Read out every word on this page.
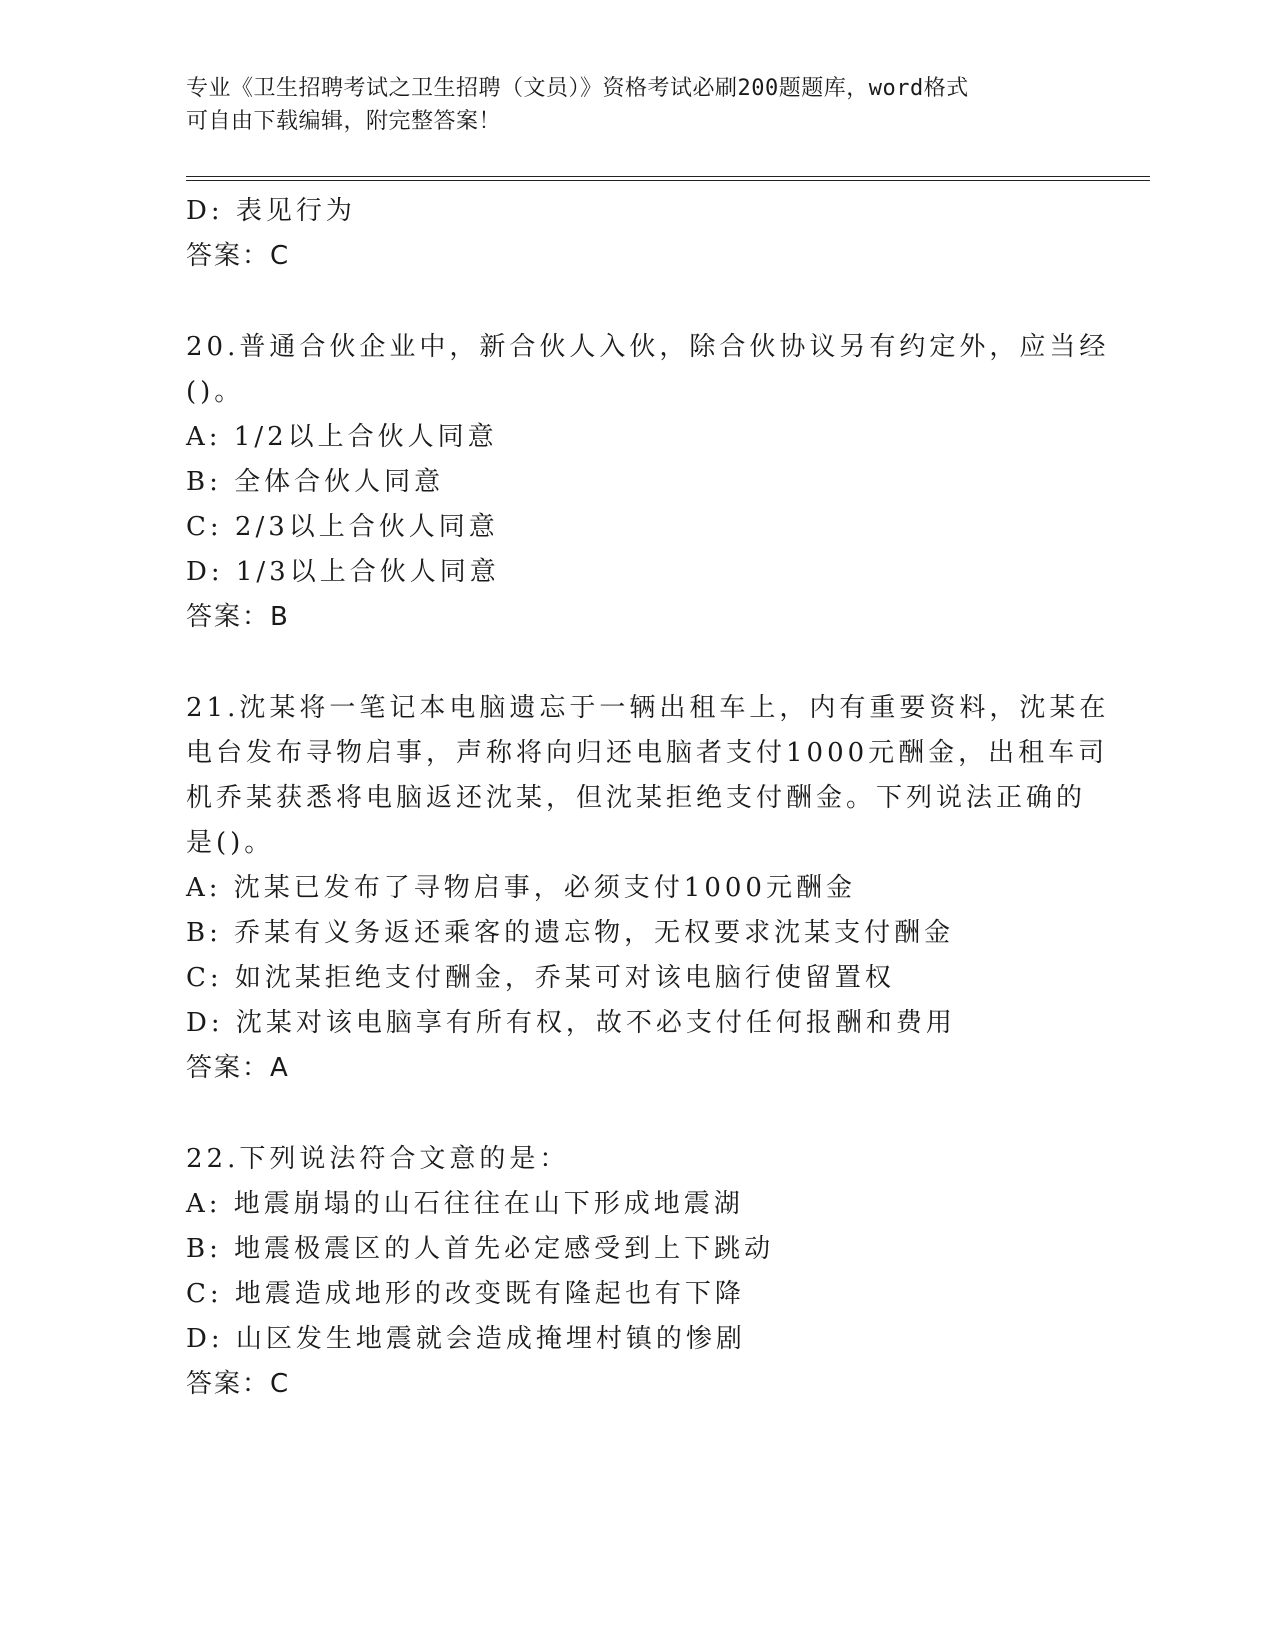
专业《卫生招聘考试之卫生招聘（文员）》资格考试必刷200题题库，word格式
可自由下载编辑，附完整答案！
D: 表见行为
答案：C
20.普通合伙企业中，新合伙人入伙，除合伙协议另有约定外，应当经
()。
A: 1/2以上合伙人同意
B: 全体合伙人同意
C: 2/3以上合伙人同意
D: 1/3以上合伙人同意
答案：B
21.沈某将一笔记本电脑遗忘于一辆出租车上，内有重要资料，沈某在
电台发布寻物启事，声称将向归还电脑者支付1000元酬金，出租车司
机乔某获悉将电脑返还沈某，但沈某拒绝支付酬金。下列说法正确的
是()。
A: 沈某已发布了寻物启事，必须支付1000元酬金
B: 乔某有义务返还乘客的遗忘物，无权要求沈某支付酬金
C: 如沈某拒绝支付酬金，乔某可对该电脑行使留置权
D: 沈某对该电脑享有所有权，故不必支付任何报酬和费用
答案：A
22.下列说法符合文意的是：
A: 地震崩塌的山石往往在山下形成地震湖
B: 地震极震区的人首先必定感受到上下跳动
C: 地震造成地形的改变既有隆起也有下降
D: 山区发生地震就会造成掩埋村镇的惨剧
答案：C
